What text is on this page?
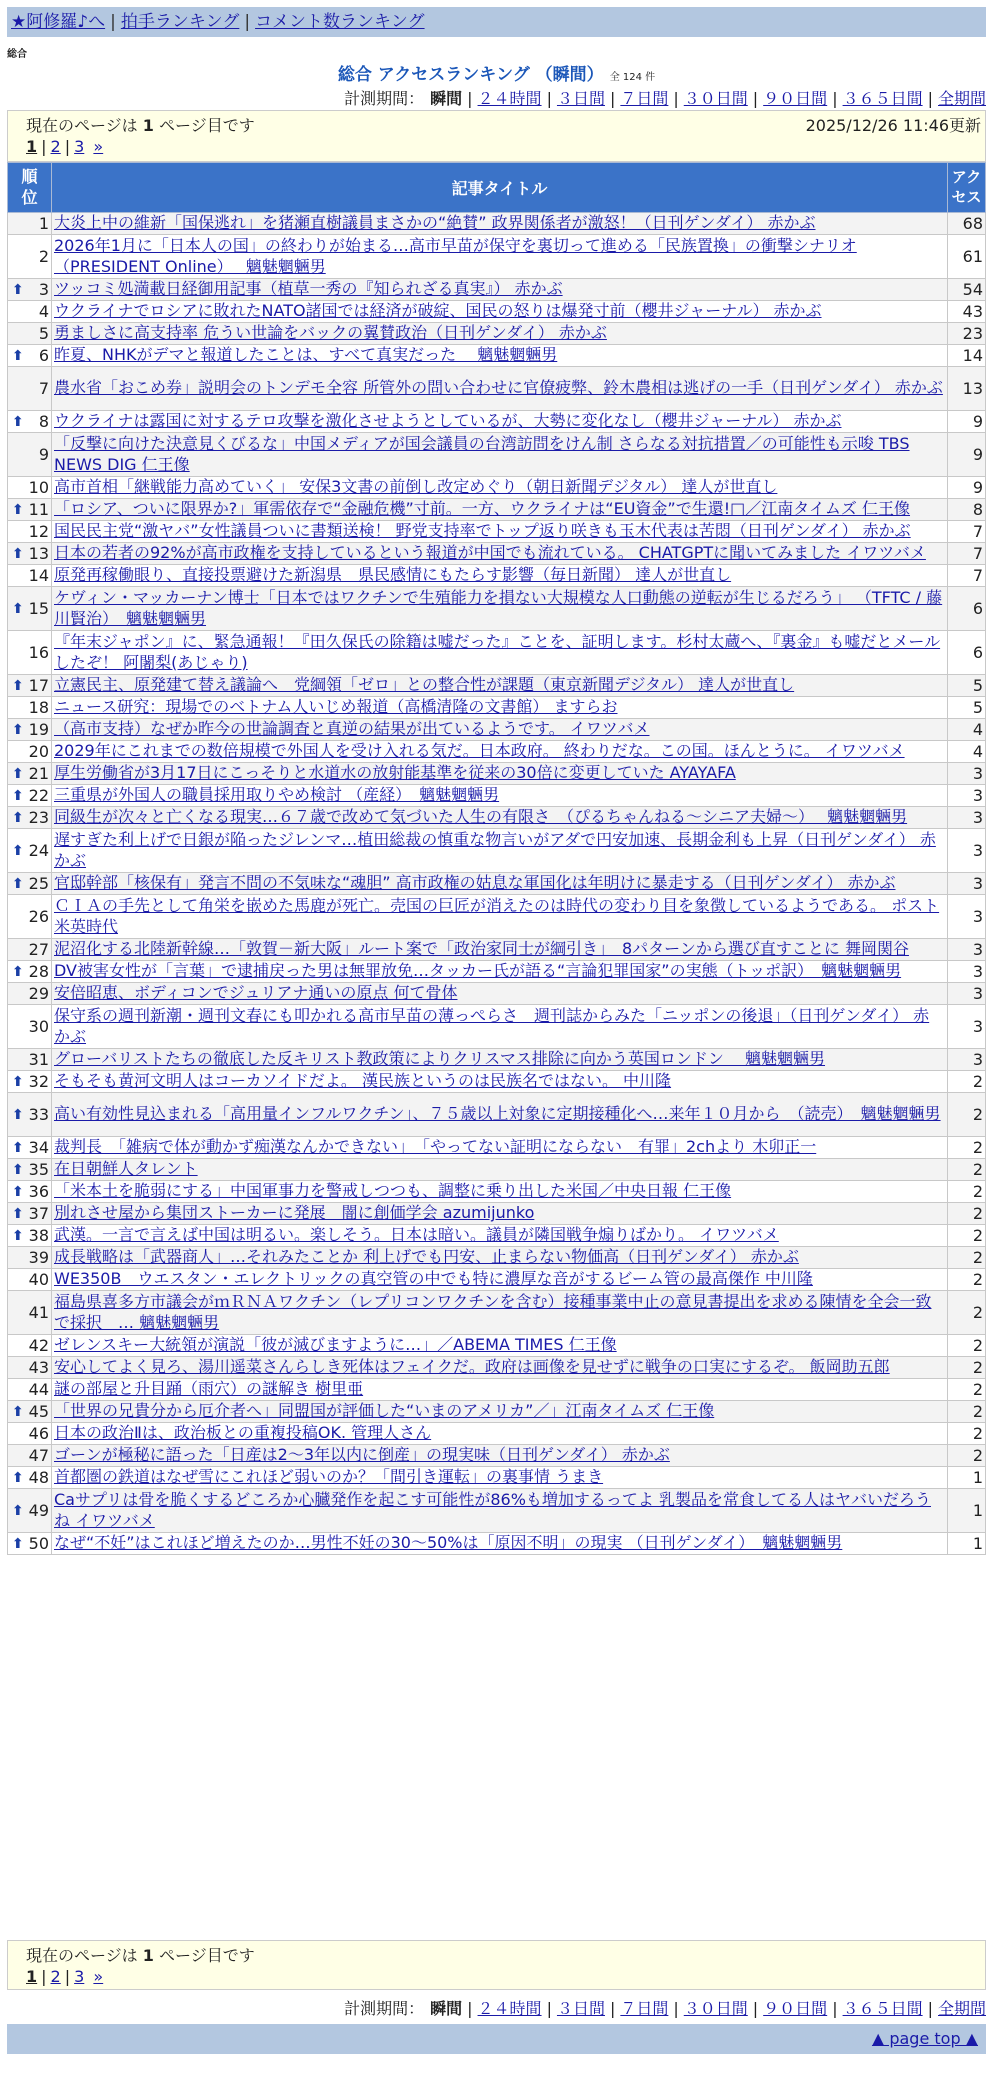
★阿修羅♪へ | 拍手ランキング | コメント数ランキング
総合
総合 アクセスランキング （瞬間） 全 124 件
計測期間： 瞬間 | ２４時間 | ３日間 | ７日間 | ３０日間 | ９０日間 | ３６５日間 | 全期間
現在のページは 1 ページ目です	2025/12/26 11:46更新
1 | 2 | 3 »
順位	記事タイトル	アクセス
1	大炎上中の維新「国保逃れ」を猪瀬直樹議員まさかの“絶賛” 政界関係者が激怒！（日刊ゲンダイ） 赤かぶ	68
2	2026年1月に「日本人の国」の終わりが始まる…高市早苗が保守を裏切って進める「民族置換」の衝撃シナリオ （PRESIDENT Online）　 魑魅魍魎男	61

⬆ 3	ツッコミ処満載日経御用記事（植草一秀の『知られざる真実』） 赤かぶ	54
4	ウクライナでロシアに敗れたNATO諸国では経済が破綻、国民の怒りは爆発寸前（櫻井ジャーナル） 赤かぶ	43
5	勇ましさに高支持率 危うい世論をバックの翼賛政治（日刊ゲンダイ） 赤かぶ	23

⬆ 6	昨夏、NHKがデマと報道したことは、すべて真実だった　 魑魅魍魎男	14
7	農水省「おこめ券」説明会のトンデモ全容 所管外の問い合わせに官僚疲弊、鈴木農相は逃げの一手（日刊ゲンダイ） 赤かぶ	13

⬆ 8	ウクライナは露国に対するテロ攻撃を激化させようとしているが、大勢に変化なし（櫻井ジャーナル） 赤かぶ	9
9	「反撃に向けた決意見くびるな」中国メディアが国会議員の台湾訪問をけん制 さらなる対抗措置／の可能性も示唆 TBS NEWS DIG 仁王像	9
10	高市首相「継戦能力高めていく」 安保3文書の前倒し改定めぐり（朝日新聞デジタル） 達人が世直し	9

⬆ 11	「ロシア、ついに限界か?」軍需依存で“金融危機”寸前。一方、ウクライナは“EU資金”で生還!□／江南タイムズ 仁王像	8
12	国民民主党“激ヤバ”女性議員ついに書類送検！ 野党支持率でトップ返り咲きも玉木代表は苦悶（日刊ゲンダイ） 赤かぶ	7

⬆ 13	日本の若者の92%が高市政権を支持しているという報道が中国でも流れている。 CHATGPTに聞いてみました イワツバメ	7
14	原発再稼働眼り、直接投票避けた新潟県　県民感情にもたらす影響（毎日新聞） 達人が世直し	7

⬆ 15	ケヴィン・マッカーナン博士「日本ではワクチンで生殖能力を損ない大規模な人口動態の逆転が生じるだろう」 （TFTC / 藤川賢治）　魑魅魍魎男	6
16	『年末ジャポン』に、緊急通報！『田久保氏の除籍は嘘だった』ことを、証明します。杉村太蔵へ、『裏金』も嘘だとメールしたぞ！ 阿闍梨(あじゃり)	6

⬆ 17	立憲民主、原発建て替え議論へ　党綱領「ゼロ」との整合性が課題（東京新聞デジタル） 達人が世直し	5
18	ニュース研究：現場でのベトナム人いじめ報道（高橋清隆の文書館） ますらお	5

⬆ 19	（高市支持）なぜか昨今の世論調査と真逆の結果が出ているようです。 イワツバメ	4
20	2029年にこれまでの数倍規模で外国人を受け入れる気だ。日本政府。 終わりだな。この国。ほんとうに。 イワツバメ	4

⬆ 21	厚生労働省が3月17日にこっそりと水道水の放射能基準を従来の30倍に変更していた AYAYAFA	3

⬆ 22	三重県が外国人の職員採用取りやめ検討 （産経）　魑魅魍魎男	3

⬆ 23	同級生が次々と亡くなる現実…６７歳で改めて気づいた人生の有限さ　（ぴるちゃんねる～シニア夫婦～）　 魑魅魍魎男	3

⬆ 24	遅すぎた利上げで日銀が陥ったジレンマ…植田総裁の慎重な物言いがアダで円安加速、長期金利も上昇（日刊ゲンダイ） 赤かぶ	3

⬆ 25	官邸幹部「核保有」発言不問の不気味な“魂胆” 高市政権の姑息な軍国化は年明けに暴走する（日刊ゲンダイ） 赤かぶ	3
26	ＣＩＡの手先として角栄を嵌めた馬鹿が死亡。売国の巨匠が消えたのは時代の変わり目を象徴しているようである。 ポスト米英時代	3
27	泥沼化する北陸新幹線…「敦賀－新大阪」ルート案で「政治家同士が綱引き」　8パターンから選び直すことに 舞岡関谷	3

⬆ 28	DV被害女性が「言葉」で逮捕戻った男は無罪放免…タッカー氏が語る“言論犯罪国家”の実態（トッポ訳）　魑魅魍魎男	3
29	安倍昭恵、ボディコンでジュリアナ通いの原点 何て骨体	3
30	保守系の週刊新潮・週刊文春にも叩かれる高市早苗の薄っぺらさ　週刊誌からみた「ニッポンの後退」（日刊ゲンダイ） 赤かぶ	3
31	グローバリストたちの徹底した反キリスト教政策によりクリスマス排除に向かう英国ロンドン　 魑魅魍魎男	3

⬆ 32	そもそも黄河文明人はコーカソイドだよ。 漢民族というのは民族名ではない。 中川隆	2

⬆ 33	高い有効性見込まれる「高用量インフルワクチン」、７５歳以上対象に定期接種化へ…来年１０月から　（読売）　魑魅魍魎男	2

⬆ 34	裁判長　「雑病で体が動かず痴漢なんかできない」　「やってない証明にならない　有罪」2chより 木卯正一	2

⬆ 35	在日朝鮮人タレント	2

⬆ 36	「米本土を脆弱にする」中国軍事力を警戒しつつも、調整に乗り出した米国／中央日報 仁王像	2

⬆ 37	別れさせ屋から集団ストーカーに発展　闇に創価学会 azumijunko	2

⬆ 38	武漢。一言で言えば中国は明るい。楽しそう。日本は暗い。議員が隣国戦争煽りばかり。 イワツバメ	2
39	成長戦略は「武器商人」…それみたことか 利上げでも円安、止まらない物価高（日刊ゲンダイ） 赤かぶ	2
40	WE350B　ウエスタン・エレクトリックの真空管の中でも特に濃厚な音がするビーム管の最高傑作 中川隆	2
41	福島県喜多方市議会がｍＲＮＡワクチン（レプリコンワクチンを含む）接種事業中止の意見書提出を求める陳情を全会一致で採択　… 魑魅魍魎男	2
42	ゼレンスキー大統領が演説「彼が滅びますように…」／ABEMA TIMES 仁王像	2
43	安心してよく見ろ、湯川遥菜さんらしき死体はフェイクだ。政府は画像を見せずに戦争の口実にするぞ。 飯岡助五郎	2
44	謎の部屋と升目踊（雨穴）の謎解き 樹里亜	2

⬆ 45	「世界の兄貴分から厄介者へ」同盟国が評価した“いまのアメリカ”／」江南タイムズ 仁王像	2
46	日本の政治Ⅱは、政治板との重複投稿OK. 管理人さん	2
47	ゴーンが極秘に語った「日産は2～3年以内に倒産」の現実味（日刊ゲンダイ） 赤かぶ	2

⬆ 48	首都圏の鉄道はなぜ雪にこれほど弱いのか？「間引き運転」の裏事情 うまき	1

⬆ 49	Caサプリは骨を脆くするどころか心臓発作を起こす可能性が86%も増加するってよ 乳製品を常食してる人はヤバいだろうね イワツバメ	1

⬆ 50	なぜ“不妊”はこれほど増えたのか…男性不妊の30～50%は「原因不明」の現実 （日刊ゲンダイ）　魑魅魍魎男	1
現在のページは 1 ページ目です
1 | 2 | 3 »
計測期間： 瞬間 | ２４時間 | ３日間 | ７日間 | ３０日間 | ９０日間 | ３６５日間 | 全期間
▲ page top ▲
